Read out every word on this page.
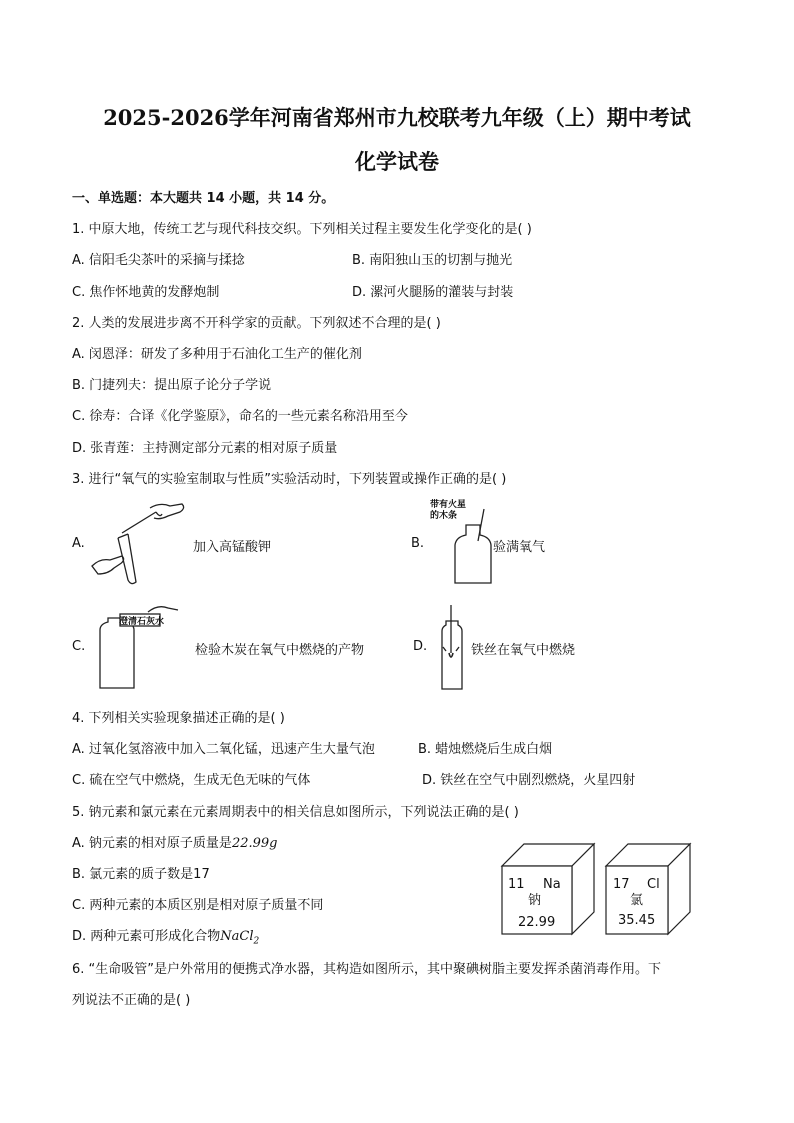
2025-2026学年河南省郑州市九校联考九年级（上）期中考试
化学试卷
一、单选题：本大题共 14 小题，共 14 分。
1. 中原大地，传统工艺与现代科技交织。下列相关过程主要发生化学变化的是( )
A. 信阳毛尖茶叶的采摘与揉捻	B. 南阳独山玉的切割与抛光
C. 焦作怀地黄的发酵炮制	D. 漯河火腿肠的灌装与封装
2. 人类的发展进步离不开科学家的贡献。下列叙述不合理的是( )
A. 闵恩泽：研发了多种用于石油化工生产的催化剂
B. 门捷列夫：提出原子论分子学说
C. 徐寿：合译《化学鉴原》，命名的一些元素名称沿用至今
D. 张青莲：主持测定部分元素的相对原子质量
3. 进行“氧气的实验室制取与性质”实验活动时，下列装置或操作正确的是( )
A.	加入高锰酸钾	B.
带有火星
的木条
验满氧气
C.
澄清石灰水
检验木炭在氧气中燃烧的产物	D.	铁丝在氧气中燃烧
4. 下列相关实验现象描述正确的是( )
A. 过氧化氢溶液中加入二氧化锰，迅速产生大量气泡	B. 蜡烛燃烧后生成白烟
C. 硫在空气中燃烧，生成无色无味的气体	D. 铁丝在空气中剧烈燃烧，火星四射
5. 钠元素和氯元素在元素周期表中的相关信息如图所示，下列说法正确的是( )
A. 钠元素的相对原子质量是22.99g
B. 氯元素的质子数是17
C. 两种元素的本质区别是相对原子质量不同
D. 两种元素可形成化合物NaCl$_2$
11 Na
钠
22.99
17 Cl
氯
35.45
6. “生命吸管”是户外常用的便携式净水器，其构造如图所示，其中聚碘树脂主要发挥杀菌消毒作用。下
列说法不正确的是( )
